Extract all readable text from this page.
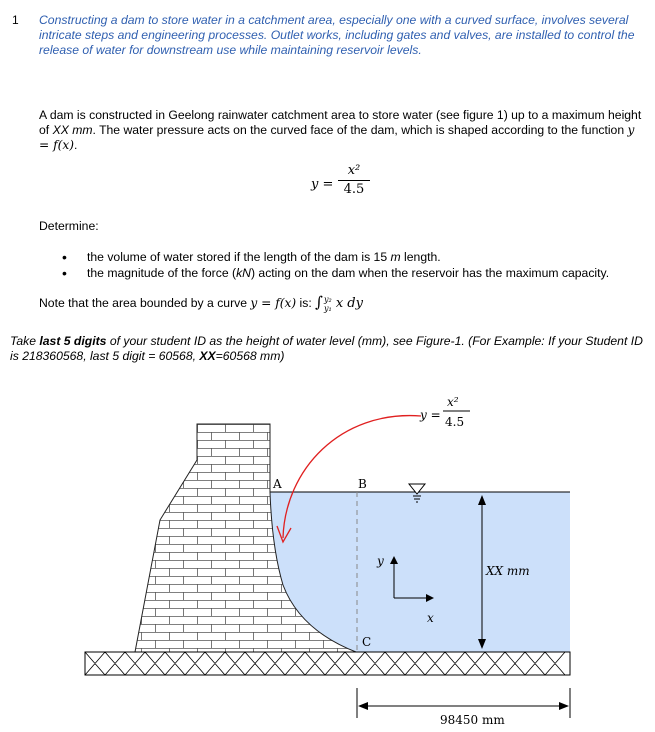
1 Constructing a dam to store water in a catchment area, especially one with a curved surface, involves several intricate steps and engineering processes. Outlet works, including gates and valves, are installed to control the release of water for downstream use while maintaining reservoir levels.
A dam is constructed in Geelong rainwater catchment area to store water (see figure 1) up to a maximum height of XX mm. The water pressure acts on the curved face of the dam, which is shaped according to the function y = f(x).
y =
x²
4.5
Determine:
• the volume of water stored if the length of the dam is 15 m length.
• the magnitude of the force (kN) acting on the dam when the reservoir has the maximum capacity.
Note that the area bounded by a curve y = f(x) is: ∫ y₂
y₁ x dy
Take last 5 digits of your student ID as the height of water level (mm), see Figure-1. (For Example: If your Student ID is 218360568, last 5 digit = 60568, XX=60568 mm)
A	B
C
y
x
XX mm
98450 mm
y =
x²
4.5
